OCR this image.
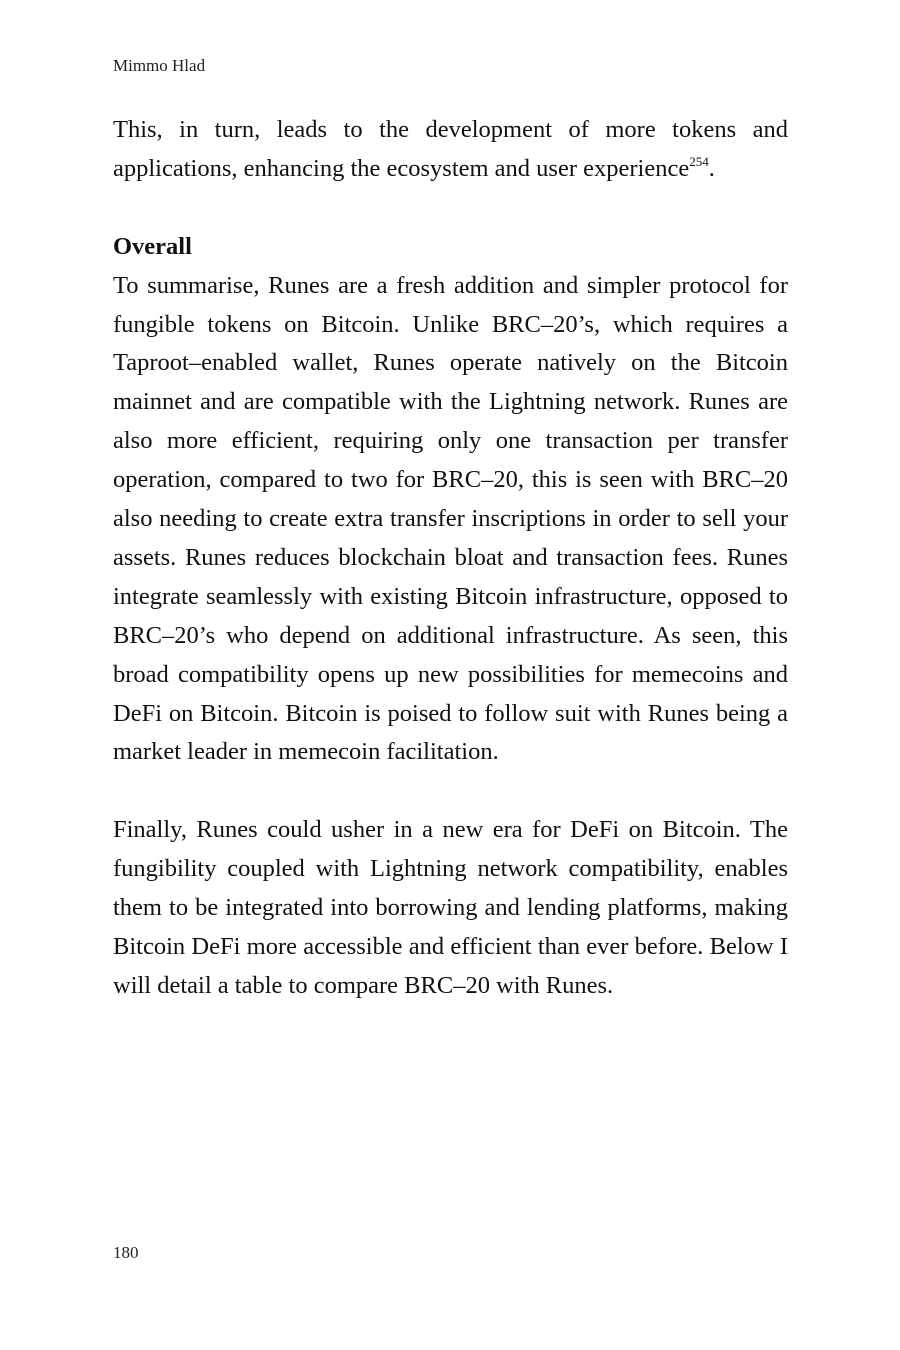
Mimmo Hlad

This, in turn, leads to the development of more tokens and applications, enhancing the ecosystem and user experience$^{254}$.

Overall

To summarise, Runes are a fresh addition and simpler protocol for fungible tokens on Bitcoin. Unlike BRC–20’s, which requires a Taproot–enabled wallet, Runes operate natively on the Bitcoin mainnet and are compatible with the Lightning network. Runes are also more efficient, requiring only one transaction per transfer operation, compared to two for BRC–20, this is seen with BRC–20 also needing to create extra transfer inscriptions in order to sell your assets. Runes reduces blockchain bloat and transaction fees. Runes integrate seamlessly with existing Bitcoin infrastructure, opposed to BRC–20’s who depend on additional infrastructure. As seen, this broad compatibility opens up new possibilities for memecoins and DeFi on Bitcoin. Bitcoin is poised to follow suit with Runes being a market leader in memecoin facilitation.

Finally, Runes could usher in a new era for DeFi on Bitcoin. The fungibility coupled with Lightning network compatibility, enables them to be integrated into borrowing and lending platforms, making Bitcoin DeFi more accessible and efficient than ever before. Below I will detail a table to compare BRC–20 with Runes.

180
